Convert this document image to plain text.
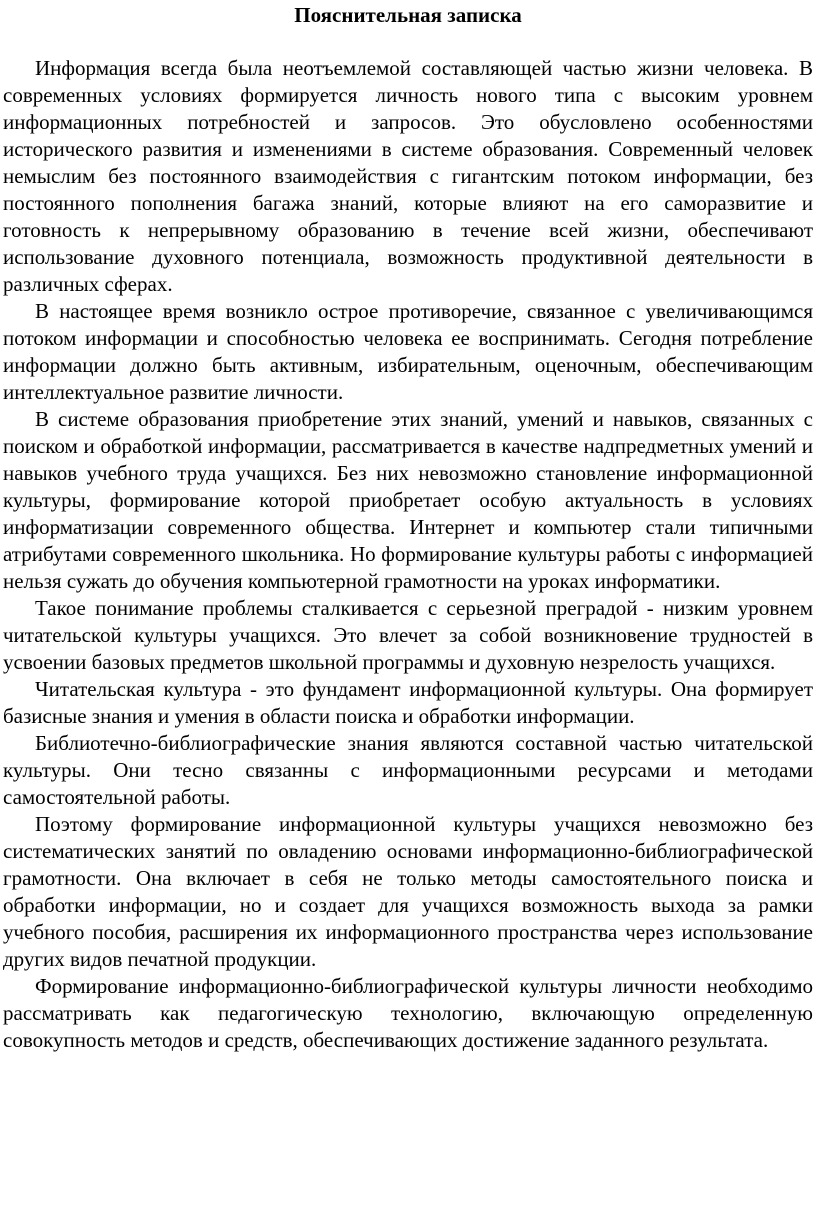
Пояснительная записка

Информация всегда была неотъемлемой составляющей частью жизни человека. В современных условиях формируется личность нового типа с высоким уровнем информационных потребностей и запросов. Это обусловлено особенностями исторического развития и изменениями в системе образования. Современный человек немыслим без постоянного взаимодействия с гигантским потоком информации, без постоянного пополнения багажа знаний, которые влияют на его саморазвитие и готовность к непрерывному образованию в течение всей жизни, обеспечивают использование духовного потенциала, возможность продуктивной деятельности в различных сферах.

В настоящее время возникло острое противоречие, связанное с увеличивающимся потоком информации и способностью человека ее воспринимать. Сегодня потребление информации должно быть активным, избирательным, оценочным, обеспечивающим интеллектуальное развитие личности.

В системе образования приобретение этих знаний, умений и навыков, связанных с поиском и обработкой информации, рассматривается в качестве надпредметных умений и навыков учебного труда учащихся. Без них невозможно становление информационной культуры, формирование которой приобретает особую актуальность в условиях информатизации современного общества. Интернет и компьютер стали типичными атрибутами современного школьника. Но формирование культуры работы с информацией нельзя сужать до обучения компьютерной грамотности на уроках информатики.

Такое понимание проблемы сталкивается с серьезной преградой - низким уровнем читательской культуры учащихся. Это влечет за собой возникновение трудностей в усвоении базовых предметов школьной программы и духовную незрелость учащихся.

Читательская культура - это фундамент информационной культуры. Она формирует базисные знания и умения в области поиска и обработки информации.

Библиотечно-библиографические знания являются составной частью читательской культуры. Они тесно связанны с информационными ресурсами и методами самостоятельной работы.

Поэтому формирование информационной культуры учащихся невозможно без систематических занятий по овладению основами информационно-библиографической грамотности. Она включает в себя не только методы самостоятельного поиска и обработки информации, но и создает для учащихся возможность выхода за рамки учебного пособия, расширения их информационного пространства через использование других видов печатной продукции.

Формирование информационно-библиографической культуры личности необходимо рассматривать как педагогическую технологию, включающую определенную совокупность методов и средств, обеспечивающих достижение заданного результата.
